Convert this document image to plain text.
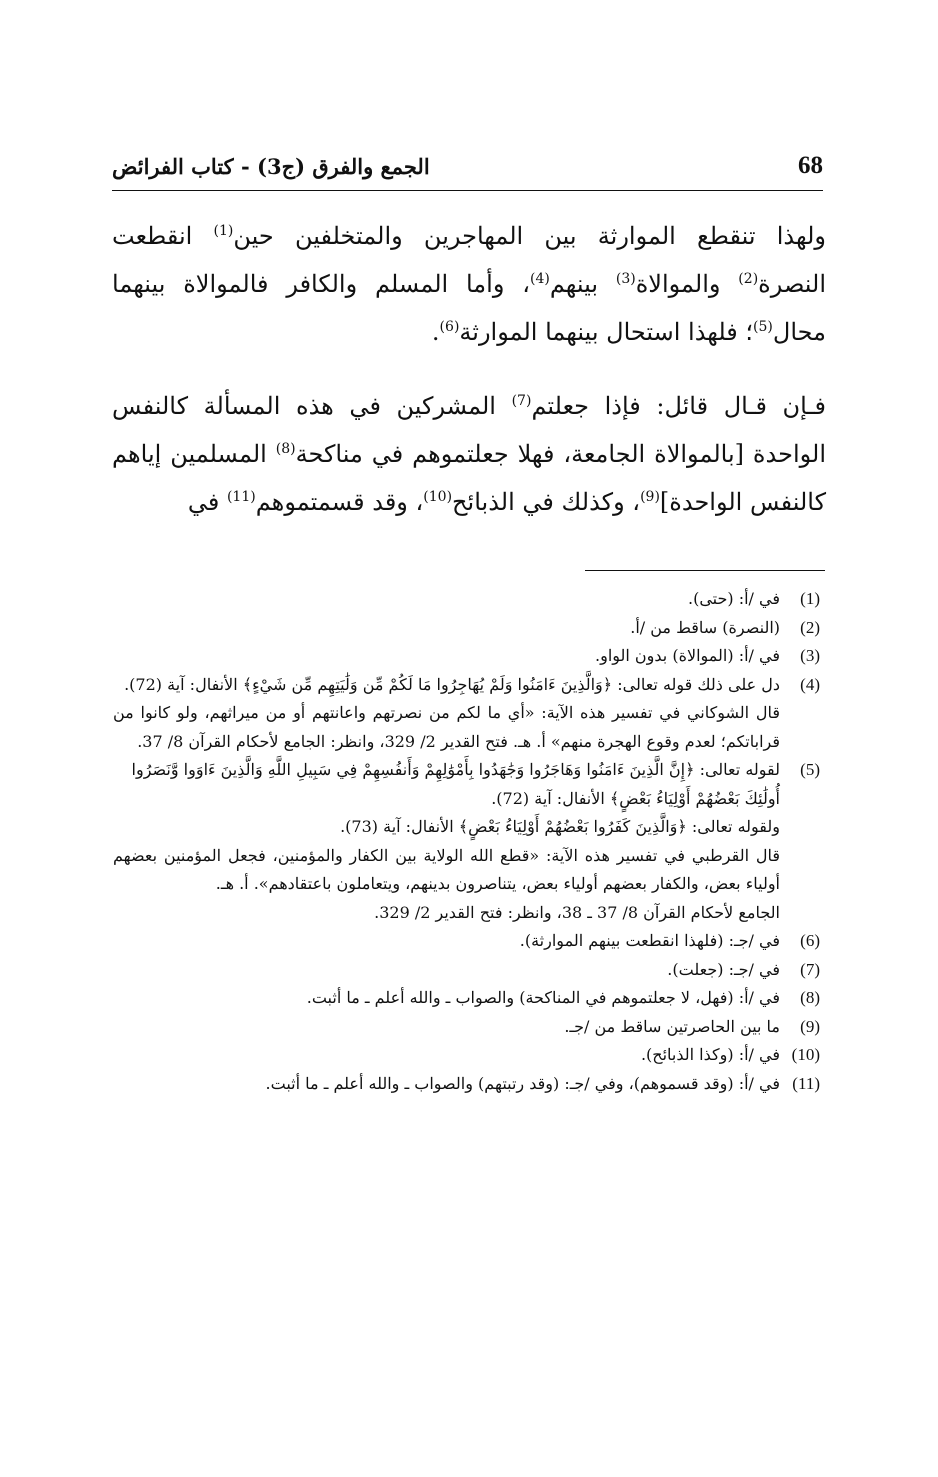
68
الجمع والفرق (ج3) - كتاب الفرائض

ولهذا تنقطع الموارثة بين المهاجرين والمتخلفين حين$^{(1)}$ انقطعت النصرة$^{(2)}$ والموالاة$^{(3)}$ بينهم$^{(4)}$، وأما المسلم والكافر فالموالاة بينهما محال$^{(5)}$؛ فلهذا استحال بينهما الموارثة$^{(6)}$.

فـإن قـال قائل: فإذا جعلتم$^{(7)}$ المشركين في هذه المسألة كالنفس الواحدة [بالموالاة الجامعة، فهلا جعلتموهم في مناكحة$^{(8)}$ المسلمين إياهم كالنفس الواحدة]$^{(9)}$، وكذلك في الذبائح$^{(10)}$، وقد قسمتموهم$^{(11)}$ في

(1)
في /أ: (حتى).
(2)
(النصرة) ساقط من /أ.
(3)
في /أ: (الموالاة) بدون الواو.
(4)
دل على ذلك قوله تعالى: ﴿وَالَّذِينَ ءَامَنُوا وَلَمْ يُهَاجِرُوا مَا لَكُمْ مِّن وَلَٰيَتِهِم مِّن شَيْءٍ﴾ الأنفال: آية (72).
قال الشوكاني في تفسير هذه الآية: «أي ما لكم من نصرتهم واعانتهم أو من ميراثهم، ولو كانوا من قراباتكم؛ لعدم وقوع الهجرة منهم» أ. هـ. فتح القدير 2/ 329، وانظر: الجامع لأحكام القرآن 8/ 37.
(5)
لقوله تعالى: ﴿إِنَّ الَّذِينَ ءَامَنُوا وَهَاجَرُوا وَجَٰهَدُوا بِأَمْوَٰلِهِمْ وَأَنفُسِهِمْ فِي سَبِيلِ اللَّهِ وَالَّذِينَ ءَاوَوا وَّنَصَرُوا أُولَٰئِكَ بَعْضُهُمْ أَوْلِيَاءُ بَعْضٍ﴾ الأنفال: آية (72).
ولقوله تعالى: ﴿وَالَّذِينَ كَفَرُوا بَعْضُهُمْ أَوْلِيَاءُ بَعْضٍ﴾ الأنفال: آية (73).
قال القرطبي في تفسير هذه الآية: «قطع الله الولاية بين الكفار والمؤمنين، فجعل المؤمنين بعضهم أولياء بعض، والكفار بعضهم أولياء بعض، يتناصرون بدينهم، ويتعاملون باعتقادهم». أ. هـ.
الجامع لأحكام القرآن 8/ 37 ـ 38، وانظر: فتح القدير 2/ 329.
(6)
في /جـ: (فلهذا انقطعت بينهم الموارثة).
(7)
في /جـ: (جعلت).
(8)
في /أ: (فهل، لا جعلتموهم في المناكحة) والصواب ـ والله أعلم ـ ما أثبت.
(9)
ما بين الحاصرتين ساقط من /جـ.
(10)
في /أ: (وكذا الذبائح).
(11)
في /أ: (وقد قسموهم)، وفي /جـ: (وقد رتبتهم) والصواب ـ والله أعلم ـ ما أثبت.
